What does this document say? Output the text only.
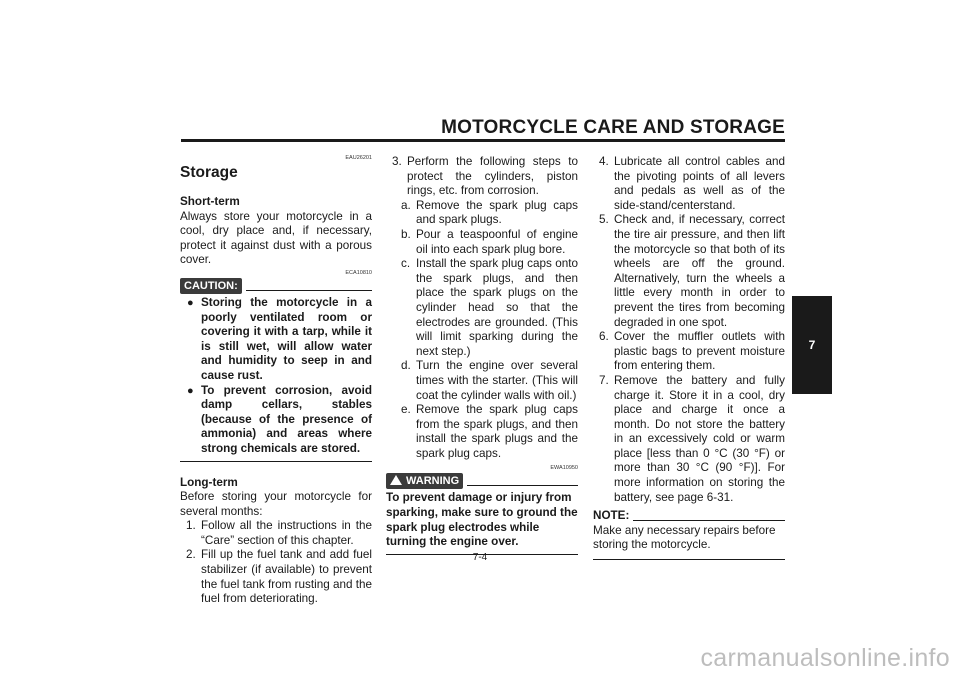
MOTORCYCLE CARE AND STORAGE
EAU26201
Storage
Short-term

Always store your motorcycle in a cool, dry place and, if necessary, protect it against dust with a porous cover.

ECA10810
CAUTION:
● Storing the motorcycle in a poorly ventilated room or covering it with a tarp, while it is still wet, will allow water and humidity to seep in and cause rust.
● To prevent corrosion, avoid damp cellars, stables (because of the presence of ammonia) and areas where strong chemicals are stored.
Long-term

Before storing your motorcycle for several months:

1. Follow all the instructions in the “Care” section of this chapter.
2. Fill up the fuel tank and add fuel stabilizer (if available) to prevent the fuel tank from rusting and the fuel from deteriorating.
3. Perform the following steps to protect the cylinders, piston rings, etc. from corrosion.
a. Remove the spark plug caps and spark plugs.
b. Pour a teaspoonful of engine oil into each spark plug bore.
c. Install the spark plug caps onto the spark plugs, and then place the spark plugs on the cylinder head so that the electrodes are grounded. (This will limit sparking during the next step.)
d. Turn the engine over several times with the starter. (This will coat the cylinder walls with oil.)
e. Remove the spark plug caps from the spark plugs, and then install the spark plugs and the spark plug caps.
EWA10950
WARNING
To prevent damage or injury from sparking, make sure to ground the spark plug electrodes while turning the engine over.
4. Lubricate all control cables and the pivoting points of all levers and pedals as well as of the side-stand/centerstand.
5. Check and, if necessary, correct the tire air pressure, and then lift the motorcycle so that both of its wheels are off the ground. Alternatively, turn the wheels a little every month in order to prevent the tires from becoming degraded in one spot.
6. Cover the muffler outlets with plastic bags to prevent moisture from entering them.
7. Remove the battery and fully charge it. Store it in a cool, dry place and charge it once a month. Do not store the battery in an excessively cold or warm place [less than 0 °C (30 °F) or more than 30 °C (90 °F)]. For more information on storing the battery, see page 6-31.
NOTE:
Make any necessary repairs before storing the motorcycle.
7
7-4
carmanualsonline.info
